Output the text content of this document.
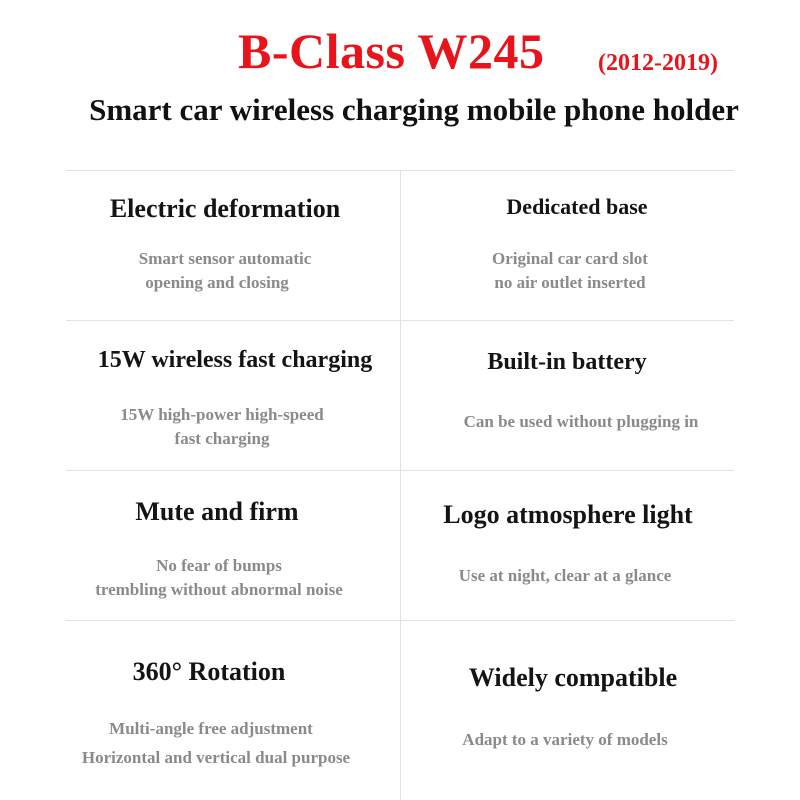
B-Class W245 (2012-2019)
Smart car wireless charging mobile phone holder
Electric deformation
Smart sensor automatic
opening and closing
Dedicated base
Original car card slot
no air outlet inserted
15W wireless fast charging
15W high-power high-speed
fast charging
Built-in battery
Can be used without plugging in
Mute and firm
No fear of bumps
trembling without abnormal noise
Logo atmosphere light
Use at night, clear at a glance
360° Rotation
Multi-angle free adjustment
Horizontal and vertical dual purpose
Widely compatible
Adapt to a variety of models
